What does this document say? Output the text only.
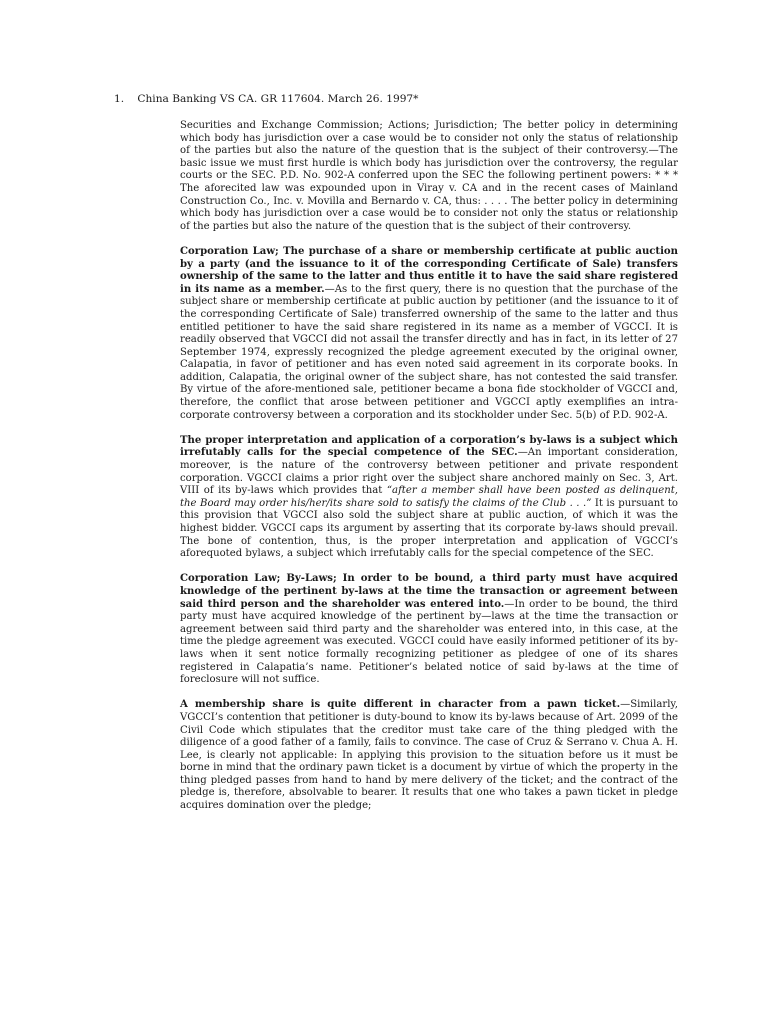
1. China Banking VS CA. GR 117604. March 26. 1997*

Securities and Exchange Commission; Actions; Jurisdiction; The better policy in determining which body has jurisdiction over a case would be to consider not only the status of relationship of the parties but also the nature of the question that is the subject of their controversy.—The basic issue we must first hurdle is which body has jurisdiction over the controversy, the regular courts or the SEC. P.D. No. 902-A conferred upon the SEC the following pertinent powers: * * * The aforecited law was expounded upon in Viray v. CA and in the recent cases of Mainland Construction Co., Inc. v. Movilla and Bernardo v. CA, thus: . . . . The better policy in determining which body has jurisdiction over a case would be to consider not only the status or relationship of the parties but also the nature of the question that is the subject of their controversy.

Corporation Law; The purchase of a share or membership certificate at public auction by a party (and the issuance to it of the corresponding Certificate of Sale) transfers ownership of the same to the latter and thus entitle it to have the said share registered in its name as a member.—As to the first query, there is no question that the purchase of the subject share or membership certificate at public auction by petitioner (and the issuance to it of the corresponding Certificate of Sale) transferred ownership of the same to the latter and thus entitled petitioner to have the said share registered in its name as a member of VGCCI. It is readily observed that VGCCI did not assail the transfer directly and has in fact, in its letter of 27 September 1974, expressly recognized the pledge agreement executed by the original owner, Calapatia, in favor of petitioner and has even noted said agreement in its corporate books. In addition, Calapatia, the original owner of the subject share, has not contested the said transfer. By virtue of the afore-mentioned sale, petitioner became a bona fide stockholder of VGCCI and, therefore, the conflict that arose between petitioner and VGCCI aptly exemplifies an intra-corporate controversy between a corporation and its stockholder under Sec. 5(b) of P.D. 902-A.

The proper interpretation and application of a corporation’s by-laws is a subject which irrefutably calls for the special competence of the SEC.—An important consideration, moreover, is the nature of the controversy between petitioner and private respondent corporation. VGCCI claims a prior right over the subject share anchored mainly on Sec. 3, Art. VIII of its by-laws which provides that “after a member shall have been posted as delinquent, the Board may order his/her/its share sold to satisfy the claims of the Club . . .” It is pursuant to this provision that VGCCI also sold the subject share at public auction, of which it was the highest bidder. VGCCI caps its argument by asserting that its corporate by-laws should prevail. The bone of contention, thus, is the proper interpretation and application of VGCCI’s aforequoted bylaws, a subject which irrefutably calls for the special competence of the SEC.

Corporation Law; By-Laws; In order to be bound, a third party must have acquired knowledge of the pertinent by-laws at the time the transaction or agreement between said third person and the shareholder was entered into.—In order to be bound, the third party must have acquired knowledge of the pertinent by—laws at the time the transaction or agreement between said third party and the shareholder was entered into, in this case, at the time the pledge agreement was executed. VGCCI could have easily informed petitioner of its by-laws when it sent notice formally recognizing petitioner as pledgee of one of its shares registered in Calapatia’s name. Petitioner’s belated notice of said by-laws at the time of foreclosure will not suffice.

A membership share is quite different in character from a pawn ticket.—Similarly, VGCCI’s contention that petitioner is duty-bound to know its by-laws because of Art. 2099 of the Civil Code which stipulates that the creditor must take care of the thing pledged with the diligence of a good father of a family, fails to convince. The case of Cruz & Serrano v. Chua A. H. Lee, is clearly not applicable: In applying this provision to the situation before us it must be borne in mind that the ordinary pawn ticket is a document by virtue of which the property in the thing pledged passes from hand to hand by mere delivery of the ticket; and the contract of the pledge is, therefore, absolvable to bearer. It results that one who takes a pawn ticket in pledge acquires domination over the pledge;
